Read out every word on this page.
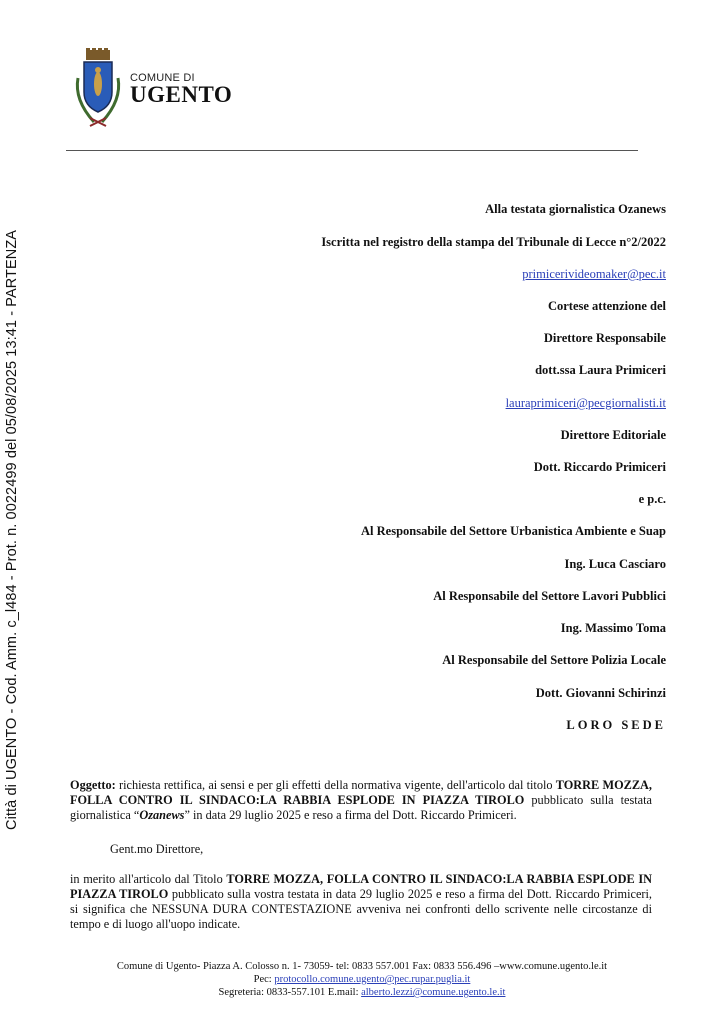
COMUNE DI
UGENTO
Città di UGENTO - Cod. Amm. c_l484 - Prot. n. 0022499 del 05/08/2025 13:41 - PARTENZA
Alla testata giornalistica Ozanews
Iscritta nel registro della stampa del Tribunale di Lecce n°2/2022
primicerivideomaker@pec.it
Cortese attenzione del
Direttore Responsabile
dott.ssa Laura Primiceri
lauraprimiceri@pecgiornalisti.it
Direttore Editoriale
Dott. Riccardo Primiceri
e p.c.
Al Responsabile del Settore Urbanistica Ambiente e Suap
Ing. Luca Casciaro
Al Responsabile del Settore Lavori Pubblici
Ing. Massimo Toma
Al Responsabile del Settore Polizia Locale
Dott. Giovanni Schirinzi
LORO SEDE
Oggetto: richiesta rettifica, ai sensi e per gli effetti della normativa vigente, dell'articolo dal titolo TORRE MOZZA, FOLLA CONTRO IL SINDACO:LA RABBIA ESPLODE IN PIAZZA TIROLO pubblicato sulla testata giornalistica “Ozanews” in data 29 luglio 2025 e reso a firma del Dott. Riccardo Primiceri.
Gent.mo Direttore,
in merito all'articolo dal Titolo TORRE MOZZA, FOLLA CONTRO IL SINDACO:LA RABBIA ESPLODE IN PIAZZA TIROLO pubblicato sulla vostra testata in data 29 luglio 2025 e reso a firma del Dott. Riccardo Primiceri, si significa che NESSUNA DURA CONTESTAZIONE avveniva nei confronti dello scrivente nelle circostanze di tempo e di luogo all'uopo indicate.
Comune di Ugento- Piazza A. Colosso n. 1- 73059- tel: 0833 557.001 Fax: 0833 556.496 –www.comune.ugento.le.it
Pec: protocollo.comune.ugento@pec.rupar.puglia.it
Segreteria: 0833-557.101 E.mail: alberto.lezzi@comune.ugento.le.it
